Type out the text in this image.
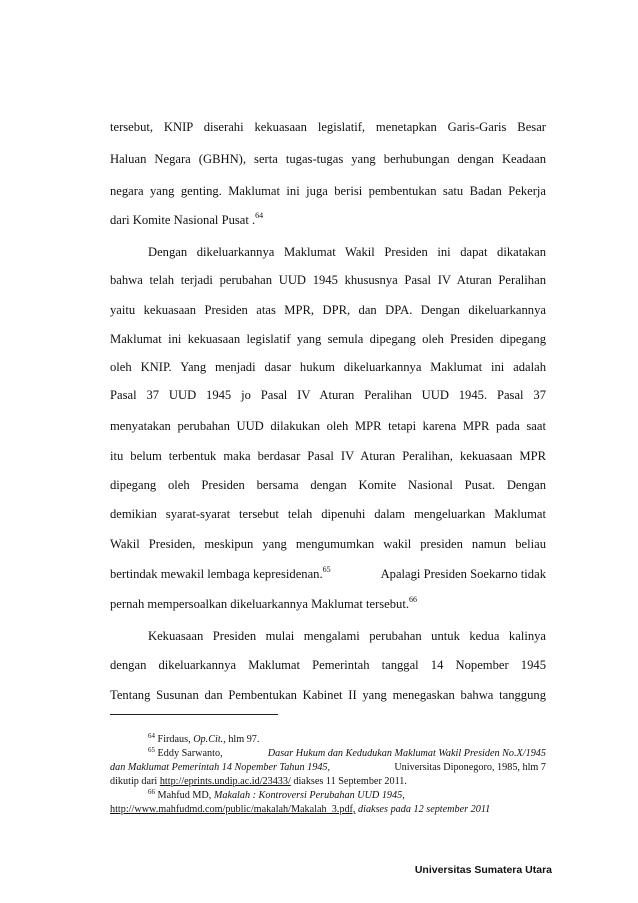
tersebut, KNIP diserahi kekuasaan legislatif, menetapkan Garis-Garis Besar
Haluan Negara (GBHN), serta tugas-tugas yang berhubungan dengan Keadaan
negara yang genting. Maklumat ini juga berisi pembentukan satu Badan Pekerja
dari Komite Nasional Pusat .$^{64}$
Dengan dikeluarkannya Maklumat Wakil Presiden ini dapat dikatakan
bahwa telah terjadi perubahan UUD 1945 khususnya Pasal IV Aturan Peralihan
yaitu kekuasaan Presiden atas MPR, DPR, dan DPA. Dengan dikeluarkannya
Maklumat ini kekuasaan legislatif yang semula dipegang oleh Presiden dipegang
oleh KNIP. Yang menjadi dasar hukum dikeluarkannya Maklumat ini adalah
Pasal 37 UUD 1945 jo Pasal IV Aturan Peralihan UUD 1945. Pasal 37
menyatakan perubahan UUD dilakukan oleh MPR tetapi karena MPR pada saat
itu belum terbentuk maka berdasar Pasal IV Aturan Peralihan, kekuasaan MPR
dipegang oleh Presiden bersama dengan Komite Nasional Pusat. Dengan
demikian syarat-syarat tersebut telah dipenuhi dalam mengeluarkan Maklumat
Wakil Presiden, meskipun yang mengumumkan wakil presiden namun beliau
bertindak mewakil lembaga kepresidenan.$^{65}$	Apalagi Presiden Soekarno tidak
pernah mempersoalkan dikeluarkannya Maklumat tersebut.$^{66}$
Kekuasaan Presiden mulai mengalami perubahan untuk kedua kalinya
dengan dikeluarkannya Maklumat Pemerintah tanggal 14 Nopember 1945
Tentang Susunan dan Pembentukan Kabinet II yang menegaskan bahwa tanggung
$^{64}$ Firdaus, Op.Cit., hlm 97.
$^{65}$ Eddy Sarwanto,	Dasar Hukum dan Kedudukan Maklumat Wakil Presiden No.X/1945
dan Maklumat Pemerintah 14 Nopember Tahun 1945,	Universitas Diponegoro, 1985, hlm 7
dikutip dari http://eprints.undip.ac.id/23433/ diakses 11 September 2011.
$^{66}$ Mahfud MD, Makalah : Kontroversi Perubahan UUD 1945,
http://www.mahfudmd.com/public/makalah/Makalah_3.pdf, diakses pada 12 september 2011
Universitas Sumatera Utara
